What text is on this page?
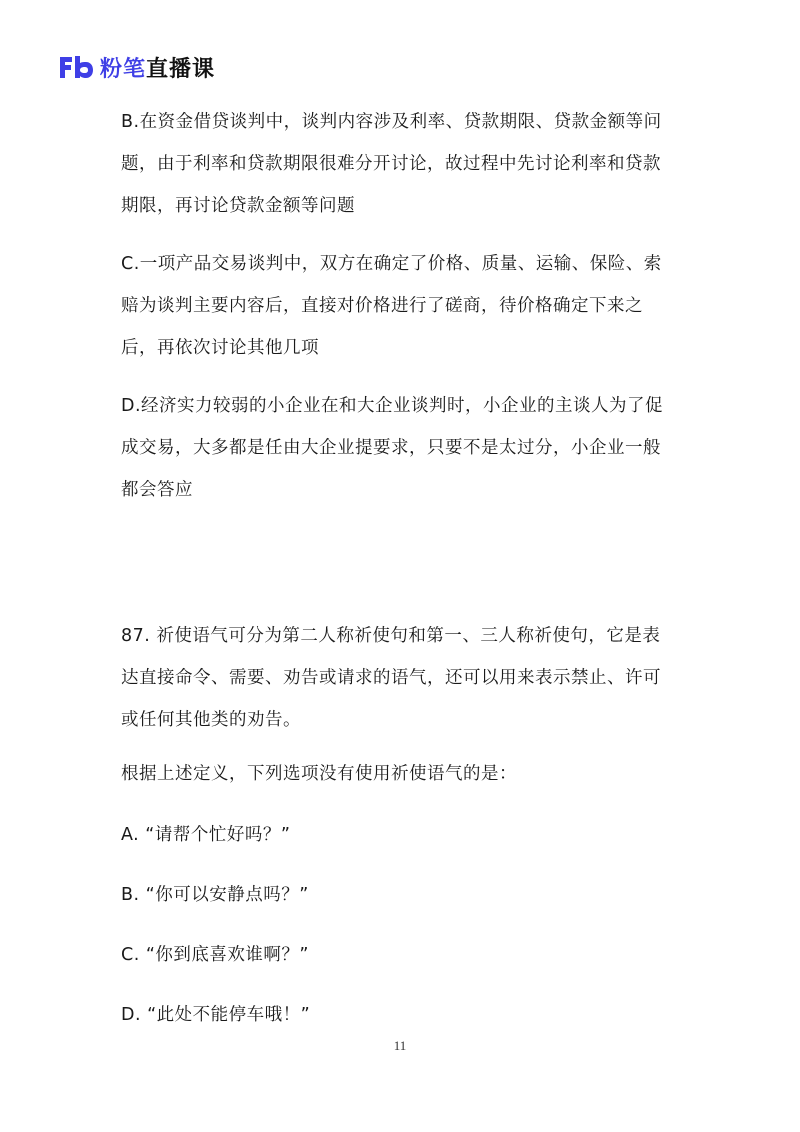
粉笔 直播课

B.在资金借贷谈判中，谈判内容涉及利率、贷款期限、贷款金额等问

题，由于利率和贷款期限很难分开讨论，故过程中先讨论利率和贷款

期限，再讨论贷款金额等问题

C.一项产品交易谈判中，双方在确定了价格、质量、运输、保险、索

赔为谈判主要内容后，直接对价格进行了磋商，待价格确定下来之

后，再依次讨论其他几项

D.经济实力较弱的小企业在和大企业谈判时，小企业的主谈人为了促

成交易，大多都是任由大企业提要求，只要不是太过分，小企业一般

都会答应

87. 祈使语气可分为第二人称祈使句和第一、三人称祈使句，它是表

达直接命令、需要、劝告或请求的语气，还可以用来表示禁止、许可

或任何其他类的劝告。

根据上述定义，下列选项没有使用祈使语气的是：

A. “请帮个忙好吗？”

B. “你可以安静点吗？”

C. “你到底喜欢谁啊？”

D. “此处不能停车哦！”

11
